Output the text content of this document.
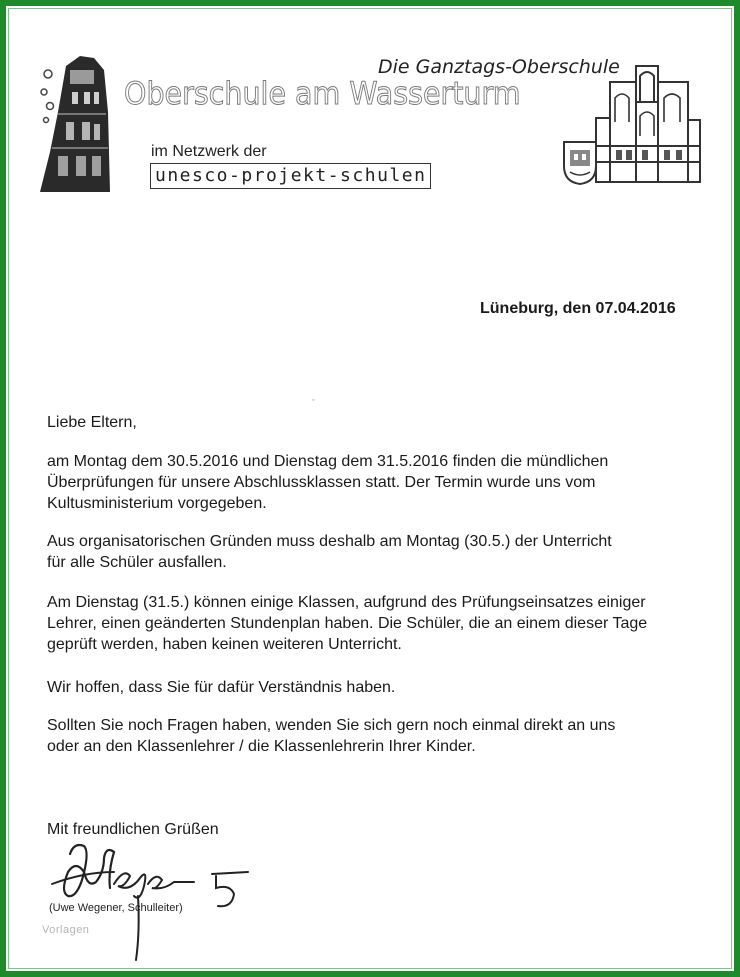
Oberschule am Wasserturm
Die Ganztags-Oberschule
im Netzwerk der
unesco-projekt-schulen
Lüneburg, den 07.04.2016
ˇ
Liebe Eltern,
am Montag dem 30.5.2016 und Dienstag dem 31.5.2016 finden die mündlichen
Überprüfungen für unsere Abschlussklassen statt. Der Termin wurde uns vom
Kultusministerium vorgegeben.
Aus organisatorischen Gründen muss deshalb am Montag (30.5.) der Unterricht
für alle Schüler ausfallen.
Am Dienstag (31.5.) können einige Klassen, aufgrund des Prüfungseinsatzes einiger
Lehrer, einen geänderten Stundenplan haben. Die Schüler, die an einem dieser Tage
geprüft werden, haben keinen weiteren Unterricht.
Wir hoffen, dass Sie für dafür Verständnis haben.
Sollten Sie noch Fragen haben, wenden Sie sich gern noch einmal direkt an uns
oder an den Klassenlehrer / die Klassenlehrerin Ihrer Kinder.
Mit freundlichen Grüßen
(Uwe Wegener, Schulleiter)
Vorlagen
